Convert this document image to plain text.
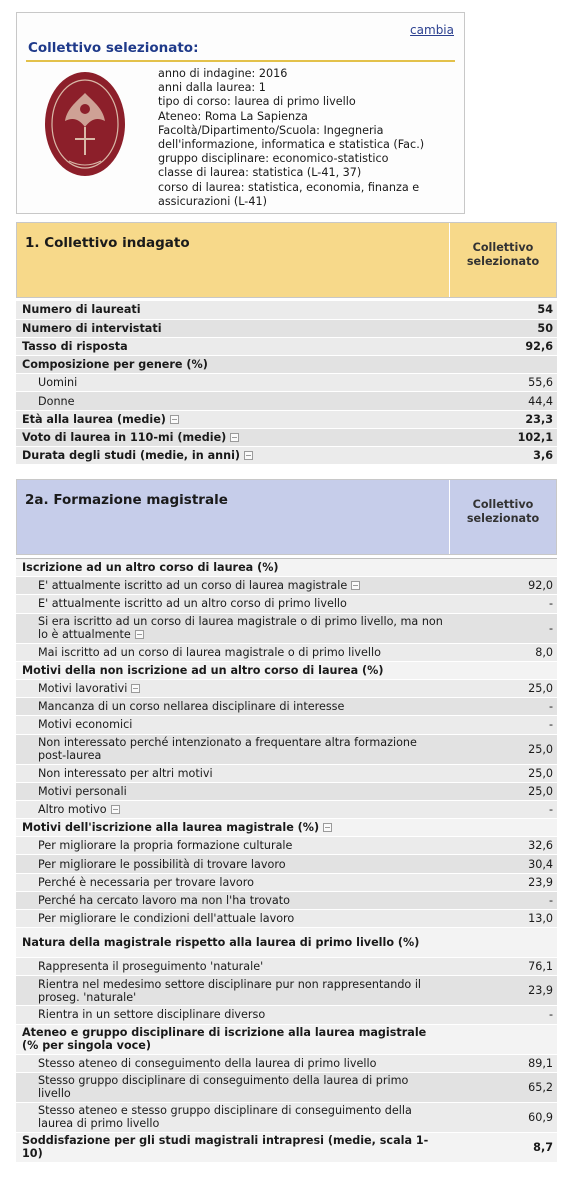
cambia
Collettivo selezionato:
anno di indagine: 2016
anni dalla laurea: 1
tipo di corso: laurea di primo livello
Ateneo: Roma La Sapienza
Facoltà/Dipartimento/Scuola: Ingegneria
dell'informazione, informatica e statistica (Fac.)
gruppo disciplinare: economico-statistico
classe di laurea: statistica (L-41, 37)
corso di laurea: statistica, economia, finanza e
assicurazioni (L-41)
1. Collettivo indagato	Collettivo selezionato
Numero di laureati	54
Numero di intervistati	50
Tasso di risposta	92,6
Composizione per genere (%)	
Uomini	55,6
Donne	44,4
Età alla laurea (medie)	23,3
Voto di laurea in 110-mi (medie)	102,1
Durata degli studi (medie, in anni)	3,6
2a. Formazione magistrale	Collettivo selezionato
Iscrizione ad un altro corso di laurea (%)	
E' attualmente iscritto ad un corso di laurea magistrale	92,0
E' attualmente iscritto ad un altro corso di primo livello	-
Si era iscritto ad un corso di laurea magistrale o di primo livello, ma non lo è attualmente	-
Mai iscritto ad un corso di laurea magistrale o di primo livello	8,0
Motivi della non iscrizione ad un altro corso di laurea (%)	
Motivi lavorativi	25,0
Mancanza di un corso nellarea disciplinare di interesse	-
Motivi economici	-
Non interessato perché intenzionato a frequentare altra formazione post-laurea	25,0
Non interessato per altri motivi	25,0
Motivi personali	25,0
Altro motivo	-
Motivi dell'iscrizione alla laurea magistrale (%)	
Per migliorare la propria formazione culturale	32,6
Per migliorare le possibilità di trovare lavoro	30,4
Perché è necessaria per trovare lavoro	23,9
Perché ha cercato lavoro ma non l'ha trovato	-
Per migliorare le condizioni dell'attuale lavoro	13,0
Natura della magistrale rispetto alla laurea di primo livello (%)	
Rappresenta il proseguimento 'naturale'	76,1
Rientra nel medesimo settore disciplinare pur non rappresentando il proseg. 'naturale'	23,9
Rientra in un settore disciplinare diverso	-
Ateneo e gruppo disciplinare di iscrizione alla laurea magistrale (% per singola voce)	
Stesso ateneo di conseguimento della laurea di primo livello	89,1
Stesso gruppo disciplinare di conseguimento della laurea di primo livello	65,2
Stesso ateneo e stesso gruppo disciplinare di conseguimento della laurea di primo livello	60,9
Soddisfazione per gli studi magistrali intrapresi (medie, scala 1-10)	8,7
